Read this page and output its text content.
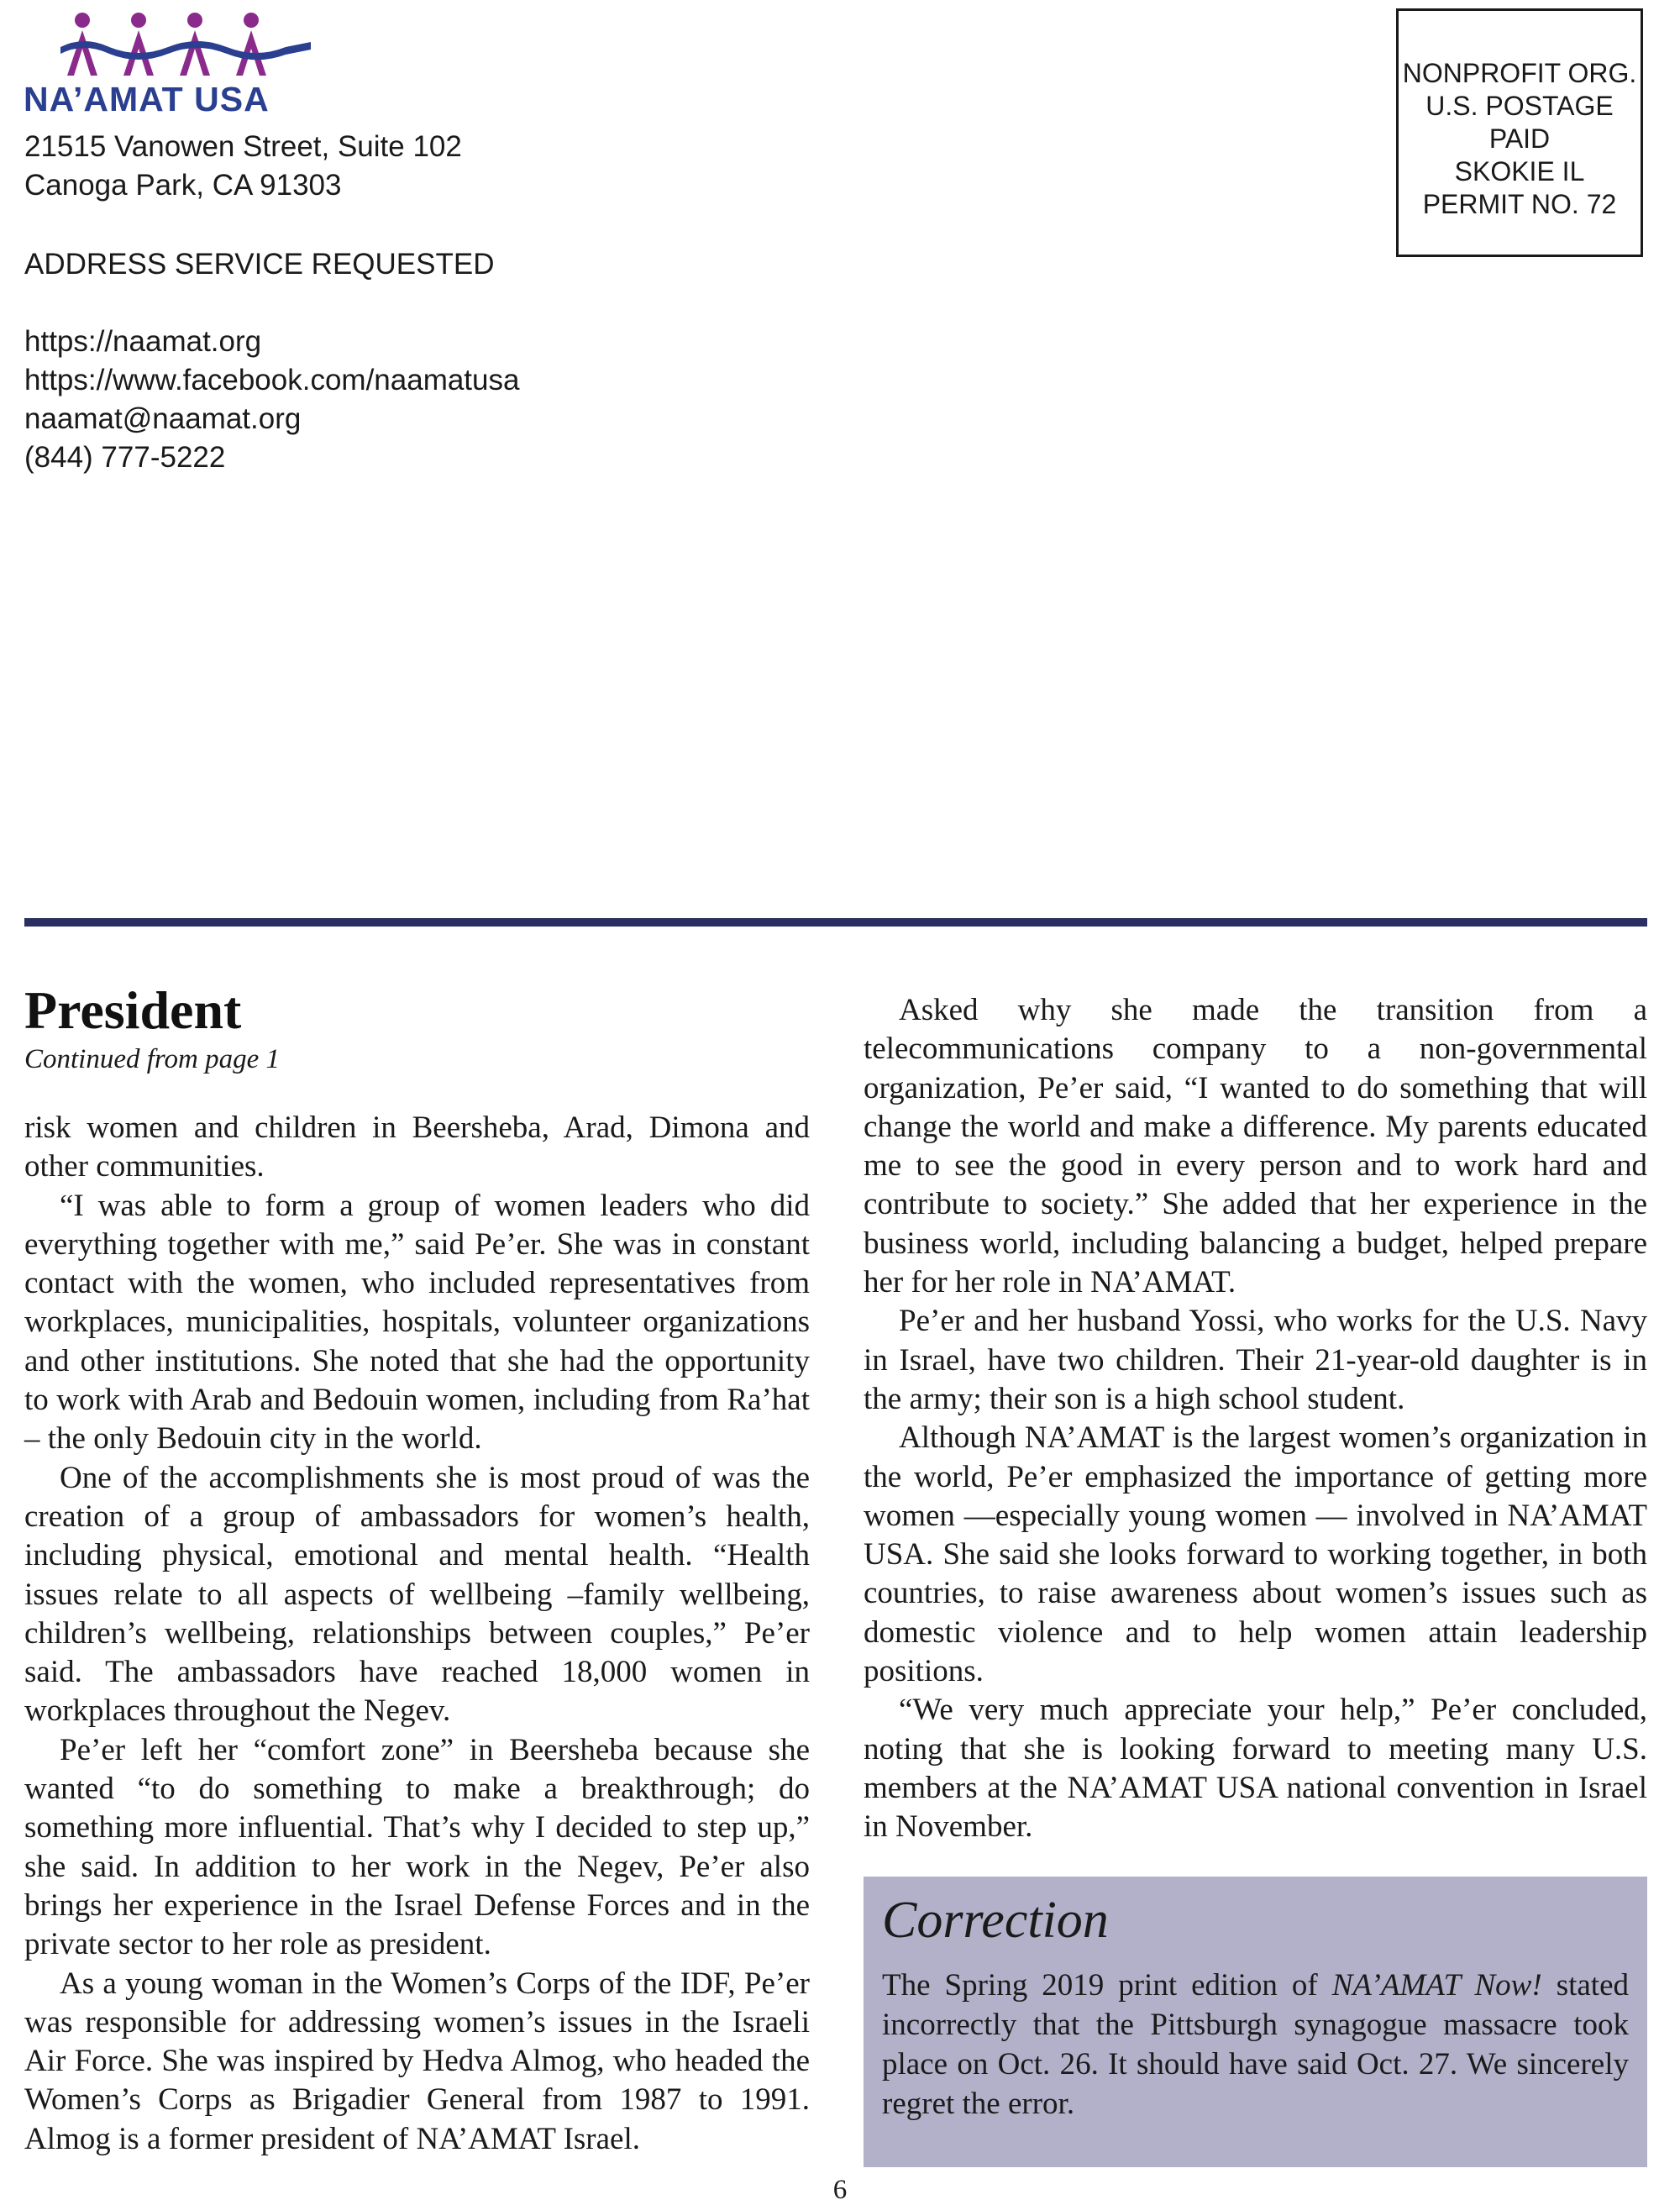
NA’AMAT USA
21515 Vanowen Street, Suite 102
Canoga Park, CA 91303
ADDRESS SERVICE REQUESTED
https://naamat.org
https://www.facebook.com/naamatusa
naamat@naamat.org
(844) 777-5222
NONPROFIT ORG.
U.S. POSTAGE
PAID
SKOKIE IL
PERMIT NO. 72
President
Continued from page 1

risk women and children in Beersheba, Arad, Dimona and other communities.

“I was able to form a group of women leaders who did everything together with me,” said Pe’er. She was in constant contact with the women, who included representatives from workplaces, municipalities, hospitals, volunteer organizations and other institutions. She noted that she had the opportunity to work with Arab and Bedouin women, including from Ra’hat – the only Bedouin city in the world.

One of the accomplishments she is most proud of was the creation of a group of ambassadors for women’s health, including physical, emotional and mental health. “Health issues relate to all aspects of wellbeing –family wellbeing, children’s wellbeing, relationships between couples,” Pe’er said. The ambassadors have reached 18,000 women in workplaces throughout the Negev.

Pe’er left her “comfort zone” in Beersheba because she wanted “to do something to make a breakthrough; do something more influential. That’s why I decided to step up,” she said. In addition to her work in the Negev, Pe’er also brings her experience in the Israel Defense Forces and in the private sector to her role as president.

As a young woman in the Women’s Corps of the IDF, Pe’er was responsible for addressing women’s issues in the Israeli Air Force. She was inspired by Hedva Almog, who headed the Women’s Corps as Brigadier General from 1987 to 1991. Almog is a former president of NA’AMAT Israel.

Asked why she made the transition from a telecommunications company to a non-governmental organization, Pe’er said, “I wanted to do something that will change the world and make a difference. My parents educated me to see the good in every person and to work hard and contribute to society.” She added that her experience in the business world, including balancing a budget, helped prepare her for her role in NA’AMAT.

Pe’er and her husband Yossi, who works for the U.S. Navy in Israel, have two children. Their 21-year-old daughter is in the army; their son is a high school student.

Although NA’AMAT is the largest women’s organization in the world, Pe’er emphasized the importance of getting more women —especially young women — involved in NA’AMAT USA. She said she looks forward to working together, in both countries, to raise awareness about women’s issues such as domestic violence and to help women attain leadership positions.

“We very much appreciate your help,” Pe’er concluded, noting that she is looking forward to meeting many U.S. members at the NA’AMAT USA national convention in Israel in November.

Correction

The Spring 2019 print edition of NA’AMAT Now! stated incorrectly that the Pittsburgh synagogue massacre took place on Oct. 26. It should have said Oct. 27. We sincerely regret the error.

6
